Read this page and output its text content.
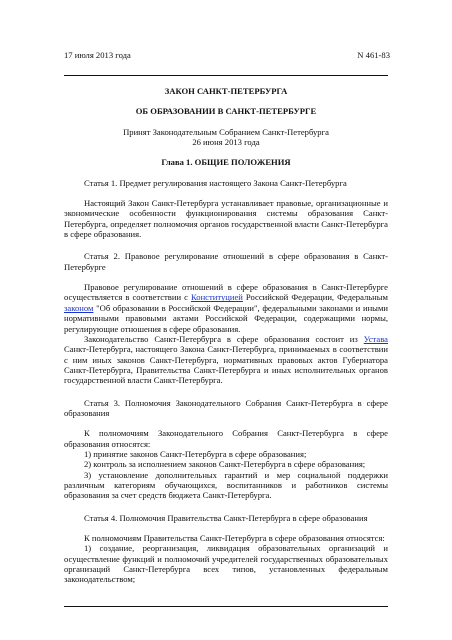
17 июля 2013 года	N 461-83
ЗАКОН САНКТ-ПЕТЕРБУРГА
ОБ ОБРАЗОВАНИИ В САНКТ-ПЕТЕРБУРГЕ
Принят Законодательным Собранием Санкт-Петербурга
26 июня 2013 года
Глава 1. ОБЩИЕ ПОЛОЖЕНИЯ

Статья 1. Предмет регулирования настоящего Закона Санкт-Петербурга

Настоящий Закон Санкт-Петербурга устанавливает правовые, организационные и экономические особенности функционирования системы образования Санкт-Петербурга, определяет полномочия органов государственной власти Санкт-Петербурга в сфере образования.

Статья 2. Правовое регулирование отношений в сфере образования в Санкт-Петербурге

Правовое регулирование отношений в сфере образования в Санкт-Петербурге осуществляется в соответствии с Конституцией Российской Федерации, Федеральным законом "Об образовании в Российской Федерации", федеральными законами и иными нормативными правовыми актами Российской Федерации, содержащими нормы, регулирующие отношения в сфере образования.

Законодательство Санкт-Петербурга в сфере образования состоит из Устава Санкт-Петербурга, настоящего Закона Санкт-Петербурга, принимаемых в соответствии с ним иных законов Санкт-Петербурга, нормативных правовых актов Губернатора Санкт-Петербурга, Правительства Санкт-Петербурга и иных исполнительных органов государственной власти Санкт-Петербурга.

Статья 3. Полномочия Законодательного Собрания Санкт-Петербурга в сфере образования

К полномочиям Законодательного Собрания Санкт-Петербурга в сфере образования относятся:

1) принятие законов Санкт-Петербурга в сфере образования;

2) контроль за исполнением законов Санкт-Петербурга в сфере образования;

3) установление дополнительных гарантий и мер социальной поддержки различным категориям обучающихся, воспитанников и работников системы образования за счет средств бюджета Санкт-Петербурга.

Статья 4. Полномочия Правительства Санкт-Петербурга в сфере образования

К полномочиям Правительства Санкт-Петербурга в сфере образования относятся:

1) создание, реорганизация, ликвидация образовательных организаций и осуществление функций и полномочий учредителей государственных образовательных организаций Санкт-Петербурга всех типов, установленных федеральным законодательством;
